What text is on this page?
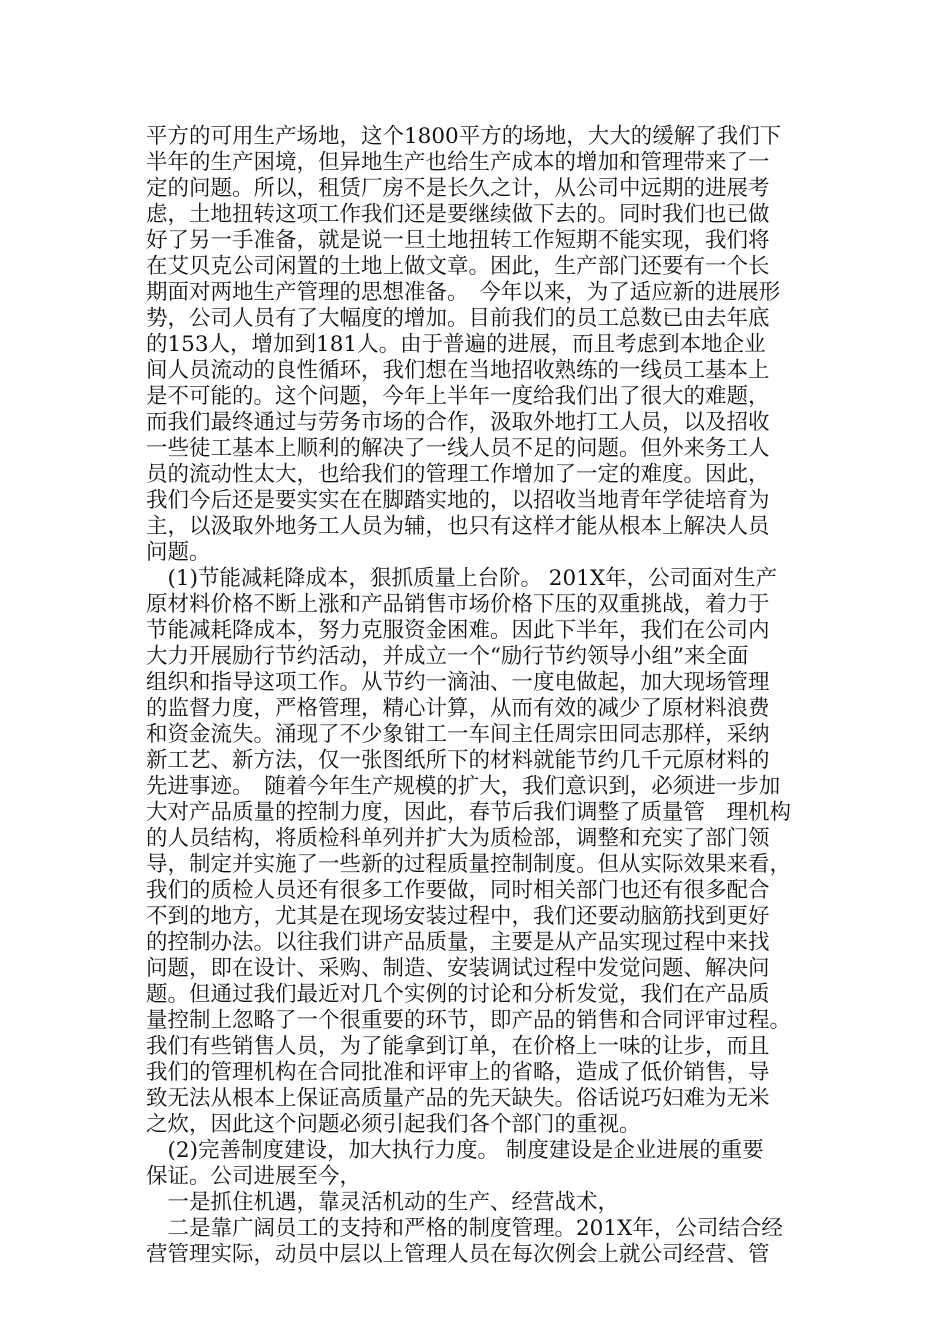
平方的可用生产场地，这个1800平方的场地，大大的缓解了我们下
半年的生产困境，但异地生产也给生产成本的增加和管理带来了一
定的问题。所以，租赁厂房不是长久之计，从公司中远期的进展考
虑，土地扭转这项工作我们还是要继续做下去的。同时我们也已做
好了另一手准备，就是说一旦土地扭转工作短期不能实现，我们将
在艾贝克公司闲置的土地上做文章。困此，生产部门还要有一个长
期面对两地生产管理的思想准备。　今年以来，为了适应新的进展形
势，公司人员有了大幅度的增加。目前我们的员工总数已由去年底
的153人，增加到181人。由于普遍的进展，而且考虑到本地企业
间人员流动的良性循环，我们想在当地招收熟练的一线员工基本上
是不可能的。这个问题，今年上半年一度给我们出了很大的难题，
而我们最终通过与劳务市场的合作，汲取外地打工人员，以及招收
一些徒工基本上顺利的解决了一线人员不足的问题。但外来务工人
员的流动性太大，也给我们的管理工作增加了一定的难度。因此，
我们今后还是要实实在在脚踏实地的，以招收当地青年学徒培育为
主，以汲取外地务工人员为辅，也只有这样才能从根本上解决人员
问题。
　(1)节能减耗降成本，狠抓质量上台阶。 201X年，公司面对生产
原材料价格不断上涨和产品销售市场价格下压的双重挑战，着力于
节能减耗降成本，努力克服资金困难。因此下半年，我们在公司内
大力开展励行节约活动，并成立一个“励行节约领导小组”来全面
组织和指导这项工作。从节约一滴油、一度电做起，加大现场管理
的监督力度，严格管理，精心计算，从而有效的减少了原材料浪费
和资金流失。涌现了不少象钳工一车间主任周宗田同志那样，采纳
新工艺、新方法，仅一张图纸所下的材料就能节约几千元原材料的
先进事迹。　随着今年生产规模的扩大，我们意识到，必须进一步加
大对产品质量的控制力度，因此，春节后我们调整了质量管　理机构
的人员结构，将质检科单列并扩大为质检部，调整和充实了部门领
导，制定并实施了一些新的过程质量控制制度。但从实际效果来看，
我们的质检人员还有很多工作要做，同时相关部门也还有很多配合
不到的地方，尤其是在现场安装过程中，我们还要动脑筋找到更好
的控制办法。以往我们讲产品质量，主要是从产品实现过程中来找
问题，即在设计、采购、制造、安装调试过程中发觉问题、解决问
题。但通过我们最近对几个实例的讨论和分析发觉，我们在产品质
量控制上忽略了一个很重要的环节，即产品的销售和合同评审过程。
我们有些销售人员，为了能拿到订单，在价格上一味的让步，而且
我们的管理机构在合同批准和评审上的省略，造成了低价销售，导
致无法从根本上保证高质量产品的先天缺失。俗话说巧妇难为无米
之炊，因此这个问题必须引起我们各个部门的重视。
　(2)完善制度建设，加大执行力度。 制度建设是企业进展的重要
保证。公司进展至今，
　一是抓住机遇，靠灵活机动的生产、经营战术，
　二是靠广阔员工的支持和严格的制度管理。201X年，公司结合经
营管理实际，动员中层以上管理人员在每次例会上就公司经营、管
